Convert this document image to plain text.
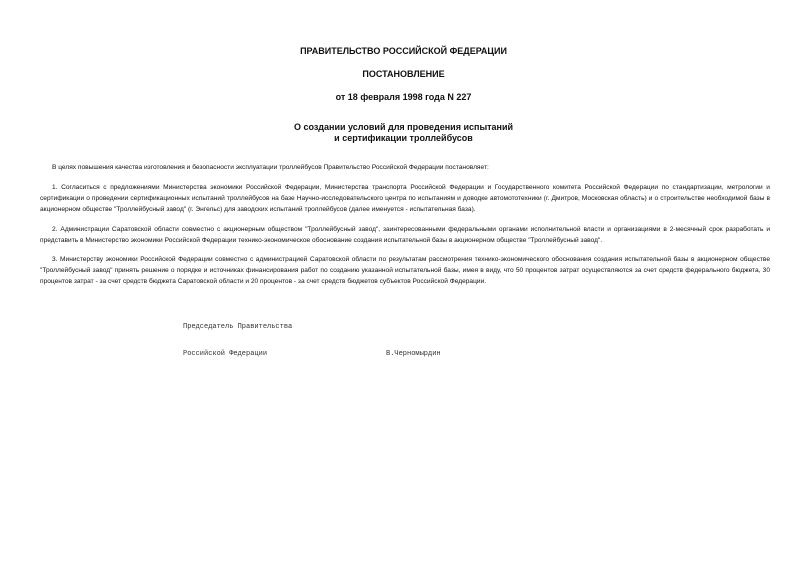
ПРАВИТЕЛЬСТВО РОССИЙСКОЙ ФЕДЕРАЦИИ
ПОСТАНОВЛЕНИЕ
от 18 февраля 1998 года N 227
О создании условий для проведения испытаний
и сертификации троллейбусов

В целях повышения качества изготовления и безопасности эксплуатации троллейбусов Правительство Российской Федерации постановляет:

1. Согласиться с предложениями Министерства экономики Российской Федерации, Министерства транспорта Российской Федерации и Государственного комитета Российской Федерации по стандартизации, метрологии и сертификации о проведении сертификационных испытаний троллейбусов на базе Научно-исследовательского центра по испытаниям и доводке автомототехники (г. Дмитров, Московская область) и о строительстве необходимой базы в акционерном обществе "Троллейбусный завод" (г. Энгельс) для заводских испытаний троллейбусов (далее именуется - испытательная база).

2. Администрации Саратовской области совместно с акционерным обществом "Троллейбусный завод", заинтересованными федеральными органами исполнительной власти и организациями в 2-месячный срок разработать и представить в Министерство экономики Российской Федерации технико-экономическое обоснование создания испытательной базы в акционерном обществе "Троллейбусный завод".

3. Министерству экономики Российской Федерации совместно с администрацией Саратовской области по результатам рассмотрения технико-экономического обоснования создания испытательной базы в акционерном обществе "Троллейбусный завод" принять решение о порядке и источниках финансирования работ по созданию указанной испытательной базы, имея в виду, что 50 процентов затрат осуществляются за счет средств федерального бюджета, 30 процентов затрат - за счет средств бюджета Саратовской области и 20 процентов - за счет средств бюджетов субъектов Российской Федерации.

Председатель Правительства

Российской Федерации	В.Черномырдин
